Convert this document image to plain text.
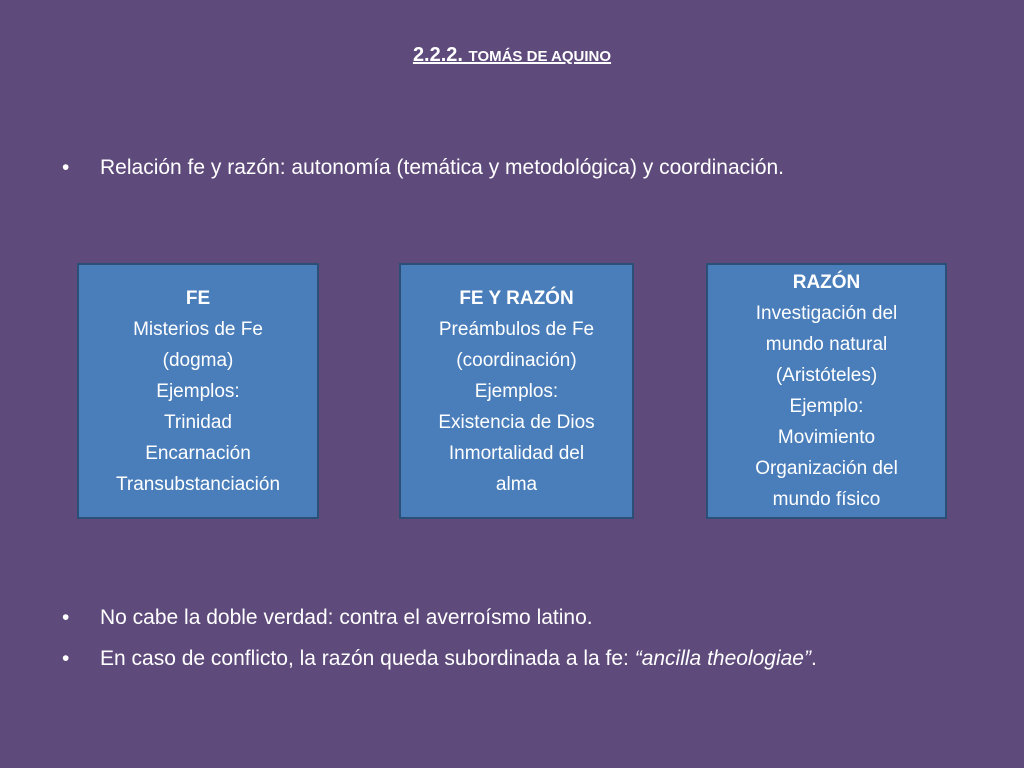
2.2.2. TOMÁS DE AQUINO
•	Relación fe y razón: autonomía (temática y metodológica) y coordinación.
FE
Misterios de Fe
(dogma)
Ejemplos:
Trinidad
Encarnación
Transubstanciación
FE Y RAZÓN
Preámbulos de Fe
(coordinación)
Ejemplos:
Existencia de Dios
Inmortalidad del
alma
RAZÓN
Investigación del
mundo natural
(Aristóteles)
Ejemplo:
Movimiento
Organización del
mundo físico
•	No cabe la doble verdad: contra el averroísmo latino.
•	En caso de conflicto, la razón queda subordinada a la fe: “ancilla theologiae”.
